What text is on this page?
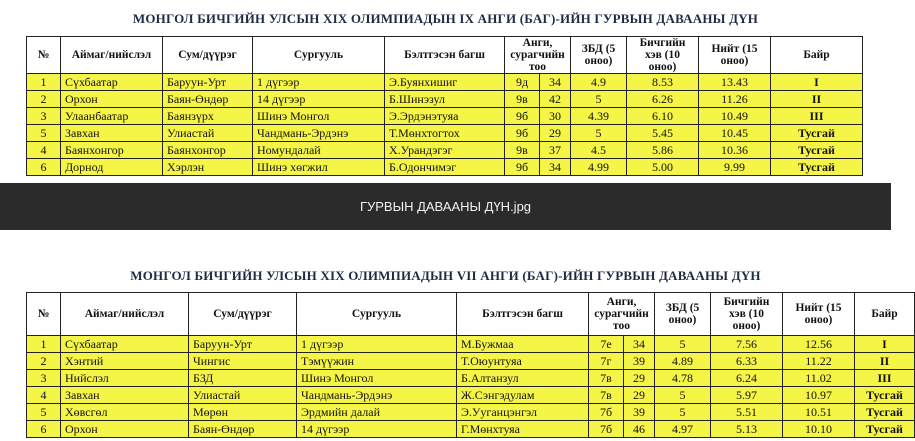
МОНГОЛ БИЧГИЙН УЛСЫН XIX ОЛИМПИАДЫН IX АНГИ (БАГ)-ИЙН ГУРВЫН ДАВААНЫ ДҮН
№	Аймаг/нийслэл	Сум/дүүрэг	Сургууль	Бэлтгэсэн багш	Анги, сурагчийн тоо		ЗБД (5 оноо)	Бичгийн хэв (10 оноо)	Нийт (15 оноо)	Байр
1	Сүхбаатар	Баруун-Урт	1 дүгээр	Э.Буянхишиг	9д	34	4.9	8.53	13.43	I
2	Орхон	Баян-Өндөр	14 дүгээр	Б.Шинэзул	9в	42	5	6.26	11.26	II
3	Улаанбаатар	Баянзүрх	Шинэ Монгол	Э.Эрдэнэтуяа	9б	30	4.39	6.10	10.49	III
5	Завхан	Улиастай	Чандмань-Эрдэнэ	Т.Мөнхтогтох	9б	29	5	5.45	10.45	Тусгай
4	Баянхонгор	Баянхонгор	Номундалай	Х.Урандэгэг	9в	37	4.5	5.86	10.36	Тусгай
6	Дорнод	Хэрлэн	Шинэ хөгжил	Б.Одончимэг	9б	34	4.99	5.00	9.99	Тусгай
ГУРВЫН ДАВААНЫ ДҮН.jpg
МОНГОЛ БИЧГИЙН УЛСЫН XIX ОЛИМПИАДЫН VII АНГИ (БАГ)-ИЙН ГУРВЫН ДАВААНЫ ДҮН
№	Аймаг/нийслэл	Сум/дүүрэг	Сургууль	Бэлтгэсэн багш	Анги, сурагчийн тоо		ЗБД (5 оноо)	Бичгийн хэв (10 оноо)	Нийт (15 оноо)	Байр
1	Сүхбаатар	Баруун-Урт	1 дүгээр	М.Бужмаа	7е	34	5	7.56	12.56	I
2	Хэнтий	Чингис	Тэмүүжин	Т.Оюунтуяа	7г	39	4.89	6.33	11.22	II
3	Нийслэл	БЗД	Шинэ Монгол	Б.Алтанзул	7в	29	4.78	6.24	11.02	III
4	Завхан	Улиастай	Чандмань-Эрдэнэ	Ж.Сэнгэдулам	7в	29	5	5.97	10.97	Тусгай
5	Хөвсгөл	Мөрөн	Эрдмийн далай	Э.Ууганцэнгэл	7б	39	5	5.51	10.51	Тусгай
6	Орхон	Баян-Өндөр	14 дүгээр	Г.Мөнхтуяа	7б	46	4.97	5.13	10.10	Тусгай
